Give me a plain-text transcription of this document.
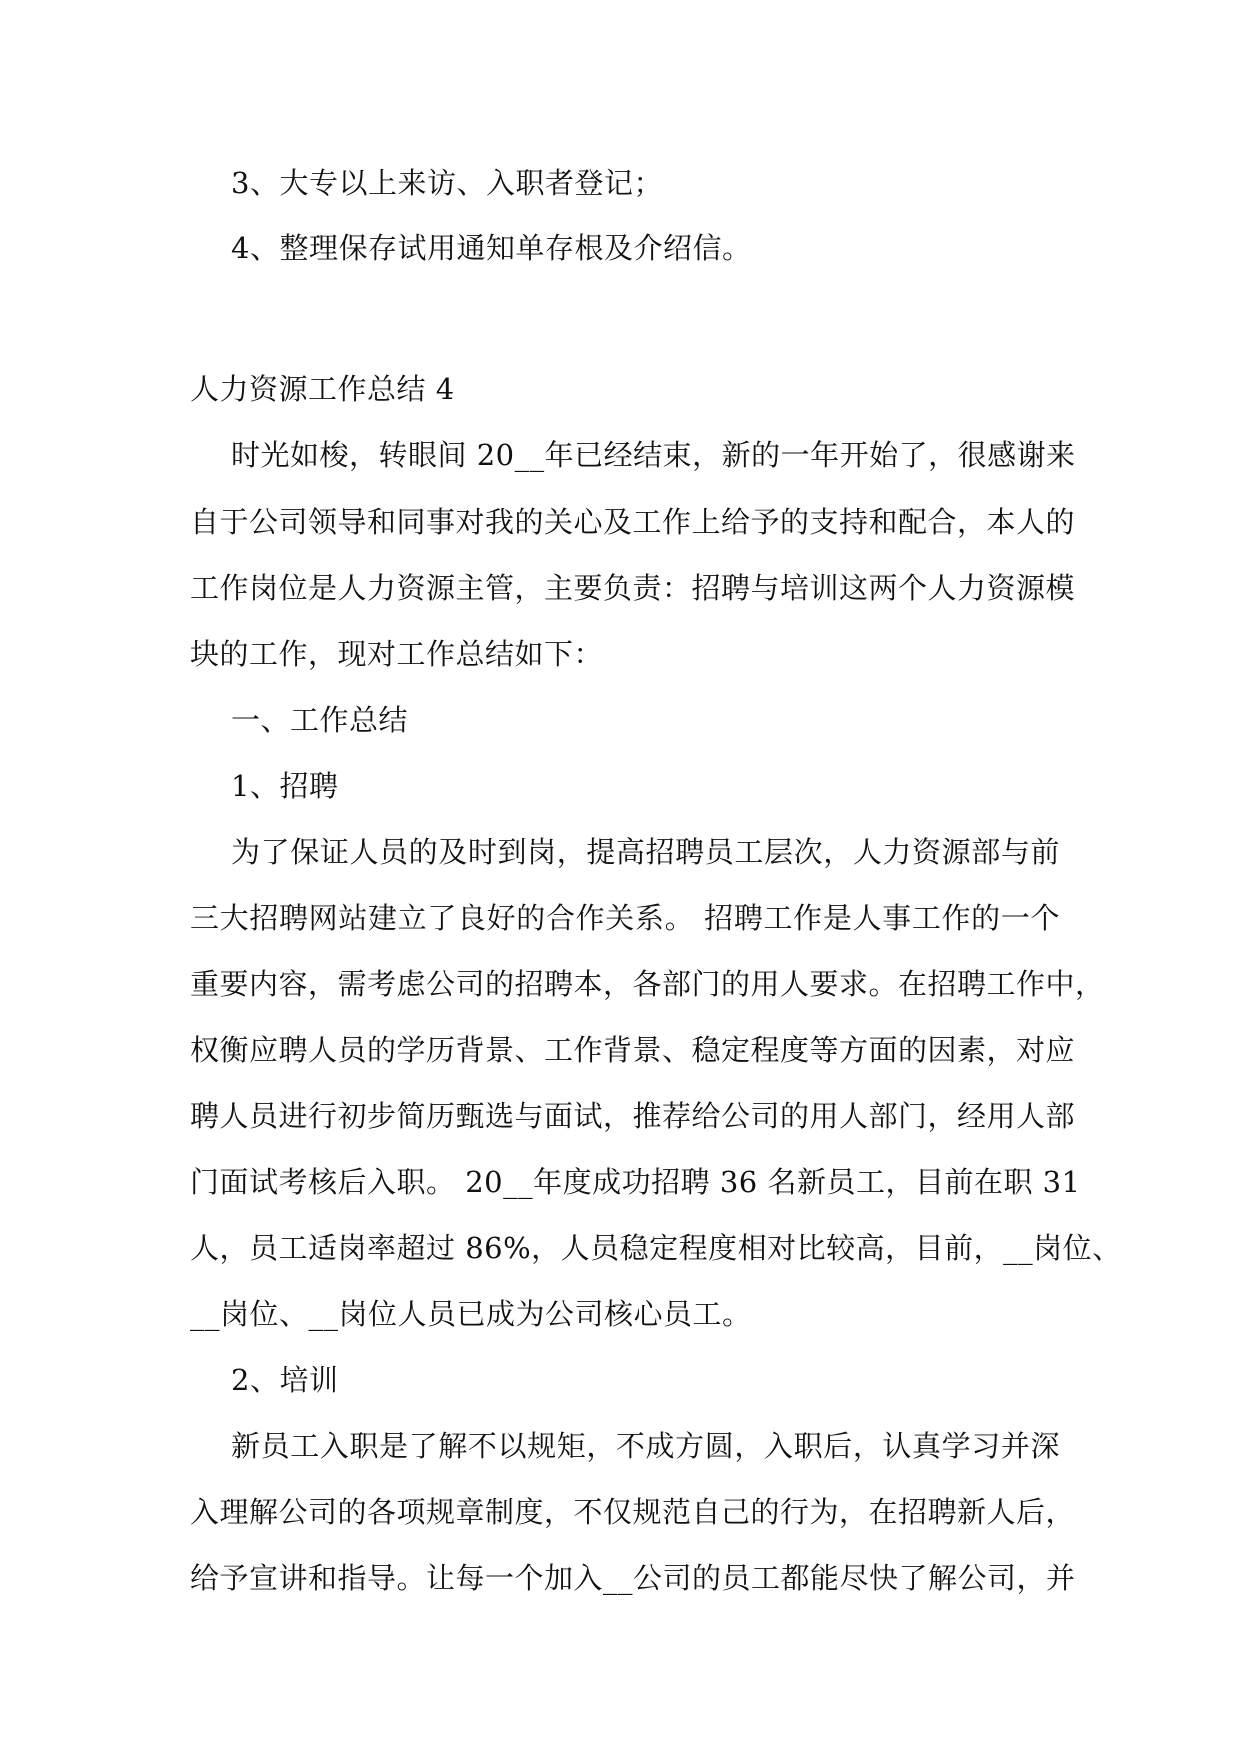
3、大专以上来访、入职者登记；
4、整理保存试用通知单存根及介绍信。
人力资源工作总结 4
时光如梭，转眼间 20__年已经结束，新的一年开始了，很感谢来
自于公司领导和同事对我的关心及工作上给予的支持和配合，本人的
工作岗位是人力资源主管，主要负责：招聘与培训这两个人力资源模
块的工作，现对工作总结如下：
一、工作总结
1、招聘
为了保证人员的及时到岗，提高招聘员工层次，人力资源部与前
三大招聘网站建立了良好的合作关系。 招聘工作是人事工作的一个
重要内容，需考虑公司的招聘本，各部门的用人要求。在招聘工作中，
权衡应聘人员的学历背景、工作背景、稳定程度等方面的因素，对应
聘人员进行初步简历甄选与面试，推荐给公司的用人部门，经用人部
门面试考核后入职。 20__年度成功招聘 36 名新员工，目前在职 31
人，员工适岗率超过 86%，人员稳定程度相对比较高，目前，__岗位、
__岗位、__岗位人员已成为公司核心员工。
2、培训
新员工入职是了解不以规矩，不成方圆，入职后，认真学习并深
入理解公司的各项规章制度，不仅规范自己的行为，在招聘新人后，
给予宣讲和指导。让每一个加入__公司的员工都能尽快了解公司，并
